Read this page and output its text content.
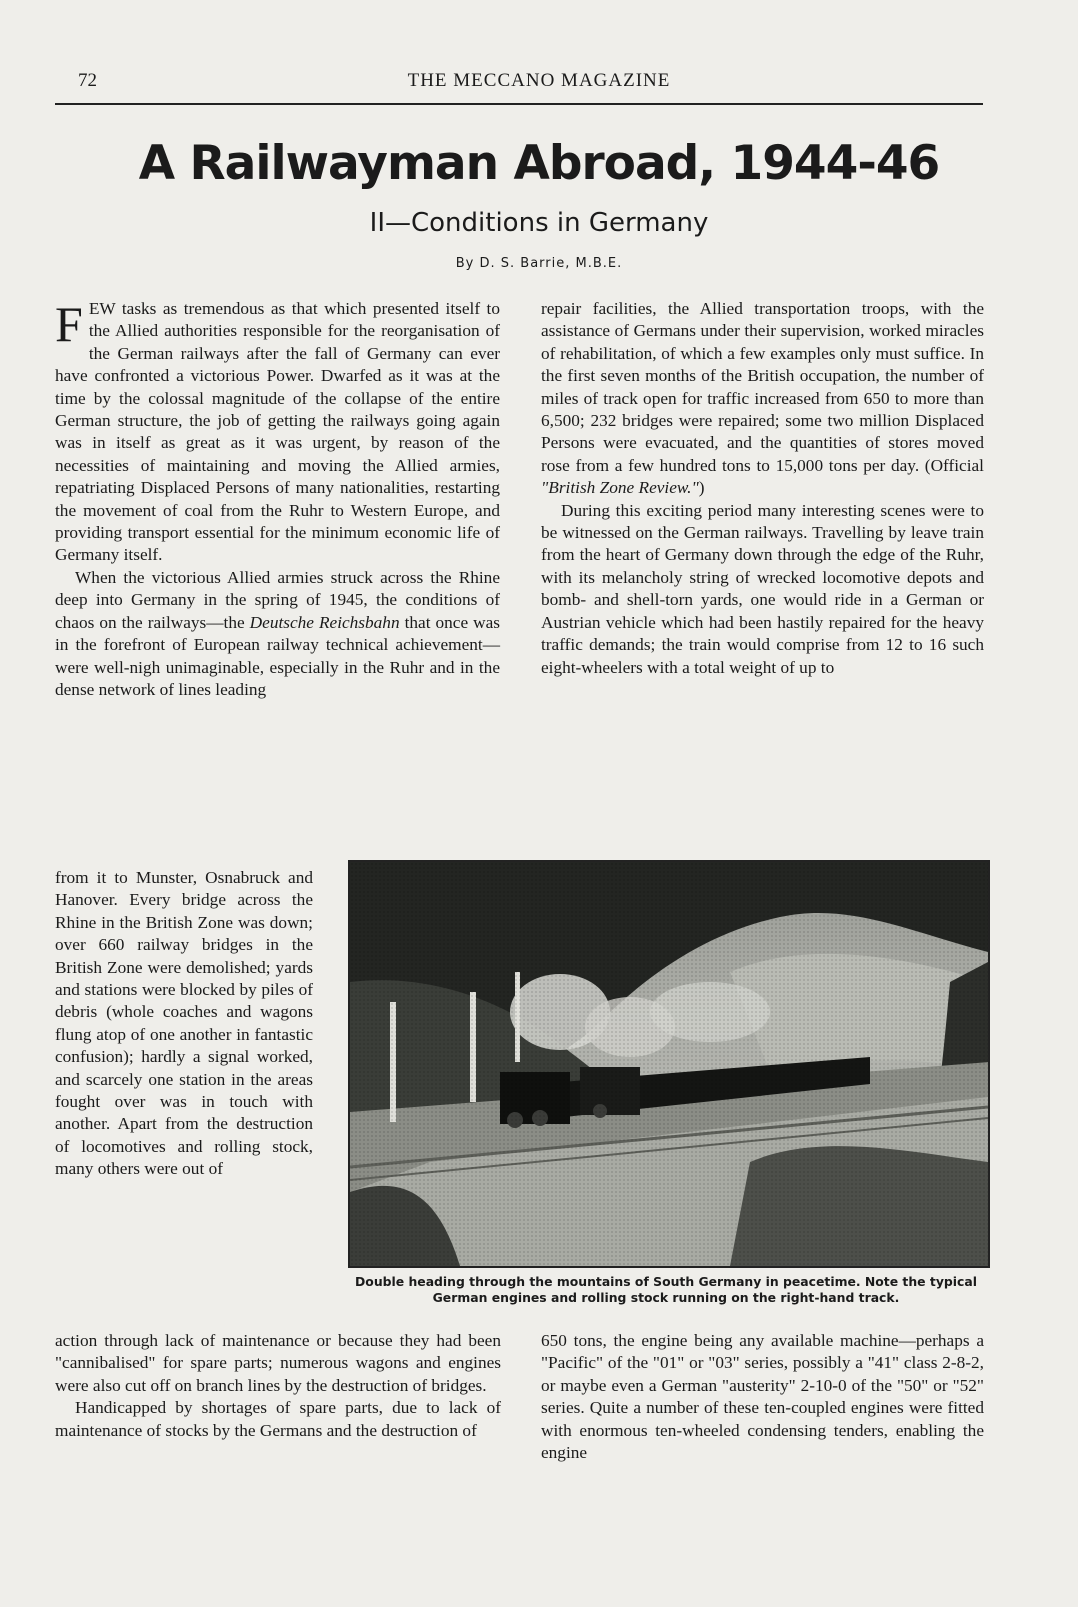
72	THE MECCANO MAGAZINE
A Railwayman Abroad, 1944-46
II—Conditions in Germany
By D. S. Barrie, M.B.E.

FEW tasks as tremendous as that which presented itself to the Allied authorities responsible for the reorganisation of the German railways after the fall of Germany can ever have confronted a victorious Power. Dwarfed as it was at the time by the colossal magnitude of the collapse of the entire German structure, the job of getting the railways going again was in itself as great as it was urgent, by reason of the necessities of maintaining and moving the Allied armies, repatriating Displaced Persons of many nationalities, restarting the movement of coal from the Ruhr to Western Europe, and providing transport essential for the minimum economic life of Germany itself.

When the victorious Allied armies struck across the Rhine deep into Germany in the spring of 1945, the conditions of chaos on the railways—the Deutsche Reichsbahn that once was in the forefront of European railway technical achievement—were well-nigh unimaginable, especially in the Ruhr and in the dense network of lines leading

from it to Munster, Osnabruck and Hanover. Every bridge across the Rhine in the British Zone was down; over 660 railway bridges in the British Zone were demolished; yards and stations were blocked by piles of debris (whole coaches and wagons flung atop of one another in fantastic confusion); hardly a signal worked, and scarcely one station in the areas fought over was in touch with another. Apart from the destruction of locomotives and rolling stock, many others were out of

repair facilities, the Allied transportation troops, with the assistance of Germans under their supervision, worked miracles of rehabilitation, of which a few examples only must suffice. In the first seven months of the British occupation, the number of miles of track open for traffic increased from 650 to more than 6,500; 232 bridges were repaired; some two million Displaced Persons were evacuated, and the quantities of stores moved rose from a few hundred tons to 15,000 tons per day. (Official "British Zone Review.")

During this exciting period many interesting scenes were to be witnessed on the German railways. Travelling by leave train from the heart of Germany down through the edge of the Ruhr, with its melancholy string of wrecked locomotive depots and bomb- and shell-torn yards, one would ride in a German or Austrian vehicle which had been hastily repaired for the heavy traffic demands; the train would comprise from 12 to 16 such eight-wheelers with a total weight of up to

Double heading through the mountains of South Germany in peacetime. Note the typical German engines and rolling stock running on the right-hand track.

action through lack of maintenance or because they had been "cannibalised" for spare parts; numerous wagons and engines were also cut off on branch lines by the destruction of bridges.

Handicapped by shortages of spare parts, due to lack of maintenance of stocks by the Germans and the destruction of

650 tons, the engine being any available machine—perhaps a "Pacific" of the "01" or "03" series, possibly a "41" class 2-8-2, or maybe even a German "austerity" 2-10-0 of the "50" or "52" series. Quite a number of these ten-coupled engines were fitted with enormous ten-wheeled condensing tenders, enabling the engine
